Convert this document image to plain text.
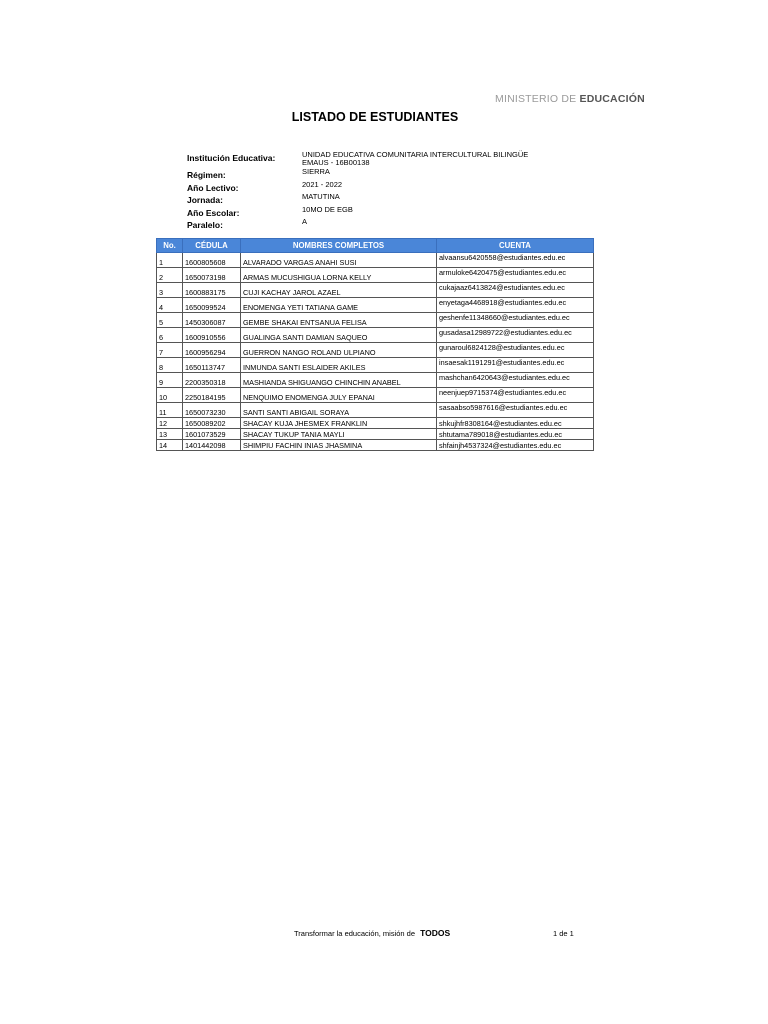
MINISTERIO DE EDUCACIÓN
LISTADO DE ESTUDIANTES
Institución Educativa:	UNIDAD EDUCATIVA COMUNITARIA INTERCULTURAL BILINGÜE
EMAUS - 16B00138
Régimen:	SIERRA
Año Lectivo:	2021 - 2022
Jornada:	MATUTINA
Año Escolar:	10MO DE EGB
Paralelo:	A
No.	CÉDULA	NOMBRES COMPLETOS	CUENTA
1	1600805608	ALVARADO VARGAS ANAHI SUSI	alvaansu6420558@estudiantes.edu.ec
2	1650073198	ARMAS MUCUSHIGUA LORNA KELLY	armuloke6420475@estudiantes.edu.ec
3	1600883175	CUJI KACHAY JAROL AZAEL	cukajaaz6413824@estudiantes.edu.ec
4	1650099524	ENOMENGA YETI TATIANA GAME	enyetaga4468918@estudiantes.edu.ec
5	1450306087	GEMBE SHAKAI ENTSANUA FELISA	geshenfe11348660@estudiantes.edu.ec
6	1600910556	GUALINGA SANTI DAMIAN SAQUEO	gusadasa12989722@estudiantes.edu.ec
7	1600956294	GUERRON NANGO ROLAND ULPIANO	gunaroul6824128@estudiantes.edu.ec
8	1650113747	INMUNDA SANTI ESLAIDER AKILES	insaesak1191291@estudiantes.edu.ec
9	2200350318	MASHIANDA SHIGUANGO CHINCHIN ANABEL	mashchan6420643@estudiantes.edu.ec
10	2250184195	NENQUIMO ENOMENGA JULY EPANAI	neenjuep9715374@estudiantes.edu.ec
11	1650073230	SANTI SANTI ABIGAIL SORAYA	sasaabso5987616@estudiantes.edu.ec
12	1650089202	SHACAY KUJA JHESMEX FRANKLIN	shkujhfr8308164@estudiantes.edu.ec
13	1601073529	SHACAY TUKUP TANIA MAYLI	shtutama789018@estudiantes.edu.ec
14	1401442098	SHIMPIU FACHIN INIAS JHASMINA	shfainjh4537324@estudiantes.edu.ec
Transformar la educación, misión de TODOS	1 de 1
